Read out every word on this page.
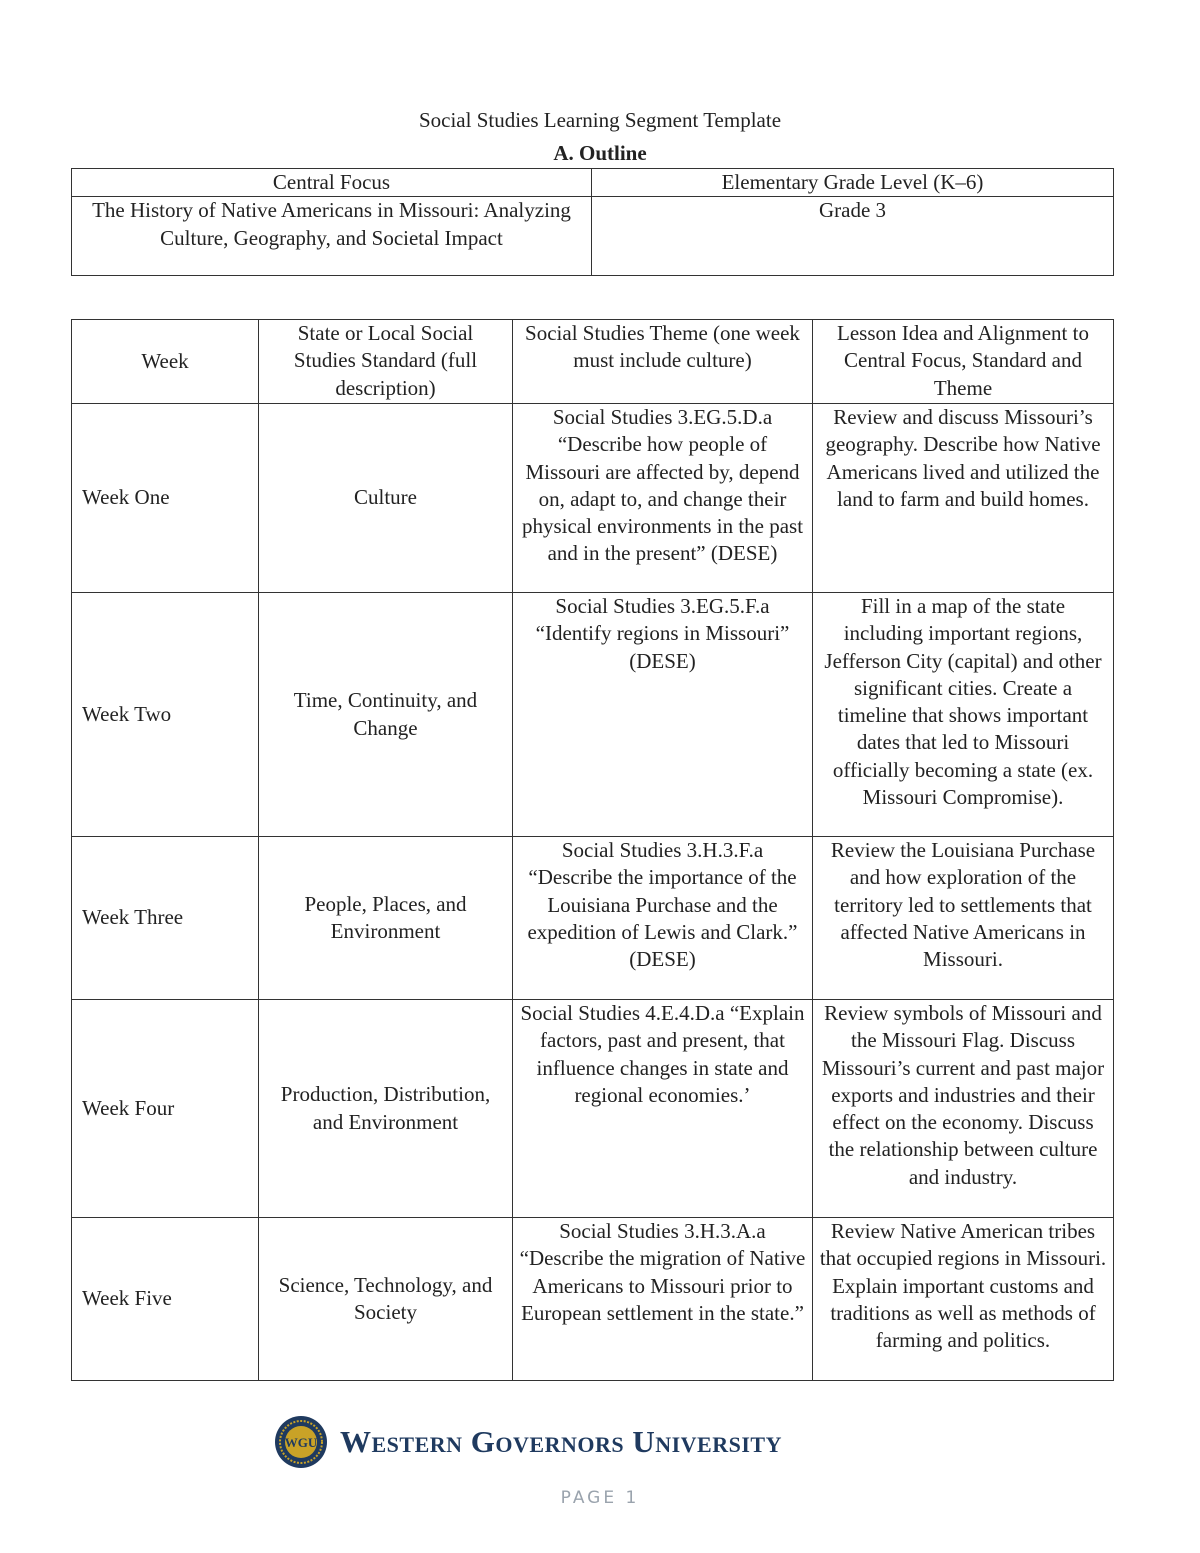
Social Studies Learning Segment Template
A. Outline
Central Focus	Elementary Grade Level (K–6)
The History of Native Americans in Missouri: Analyzing Culture, Geography, and Societal Impact	Grade 3
Week	State or Local Social Studies Standard (full description)	Social Studies Theme (one week must include culture)	Lesson Idea and Alignment to Central Focus, Standard and Theme
Week One	Culture	Social Studies 3.EG.5.D.a “Describe how people of Missouri are affected by, depend on, adapt to, and change their physical environments in the past and in the present” (DESE)	Review and discuss Missouri’s geography. Describe how Native Americans lived and utilized the land to farm and build homes.
Week Two	Time, Continuity, and Change	Social Studies 3.EG.5.F.a “Identify regions in Missouri” (DESE)	Fill in a map of the state including important regions, Jefferson City (capital) and other significant cities. Create a timeline that shows important dates that led to Missouri officially becoming a state (ex. Missouri Compromise).
Week Three	People, Places, and Environment	Social Studies 3.H.3.F.a “Describe the importance of the Louisiana Purchase and the expedition of Lewis and Clark.” (DESE)	Review the Louisiana Purchase and how exploration of the territory led to settlements that affected Native Americans in Missouri.
Week Four	Production, Distribution, and Environment	Social Studies 4.E.4.D.a “Explain factors, past and present, that influence changes in state and regional economies.’	Review symbols of Missouri and the Missouri Flag. Discuss Missouri’s current and past major exports and industries and their effect on the economy. Discuss the relationship between culture and industry.
Week Five	Science, Technology, and Society	Social Studies 3.H.3.A.a “Describe the migration of Native Americans to Missouri prior to European settlement in the state.”	Review Native American tribes that occupied regions in Missouri. Explain important customs and traditions as well as methods of farming and politics.
WGU Western Governors University
PAGE 1
